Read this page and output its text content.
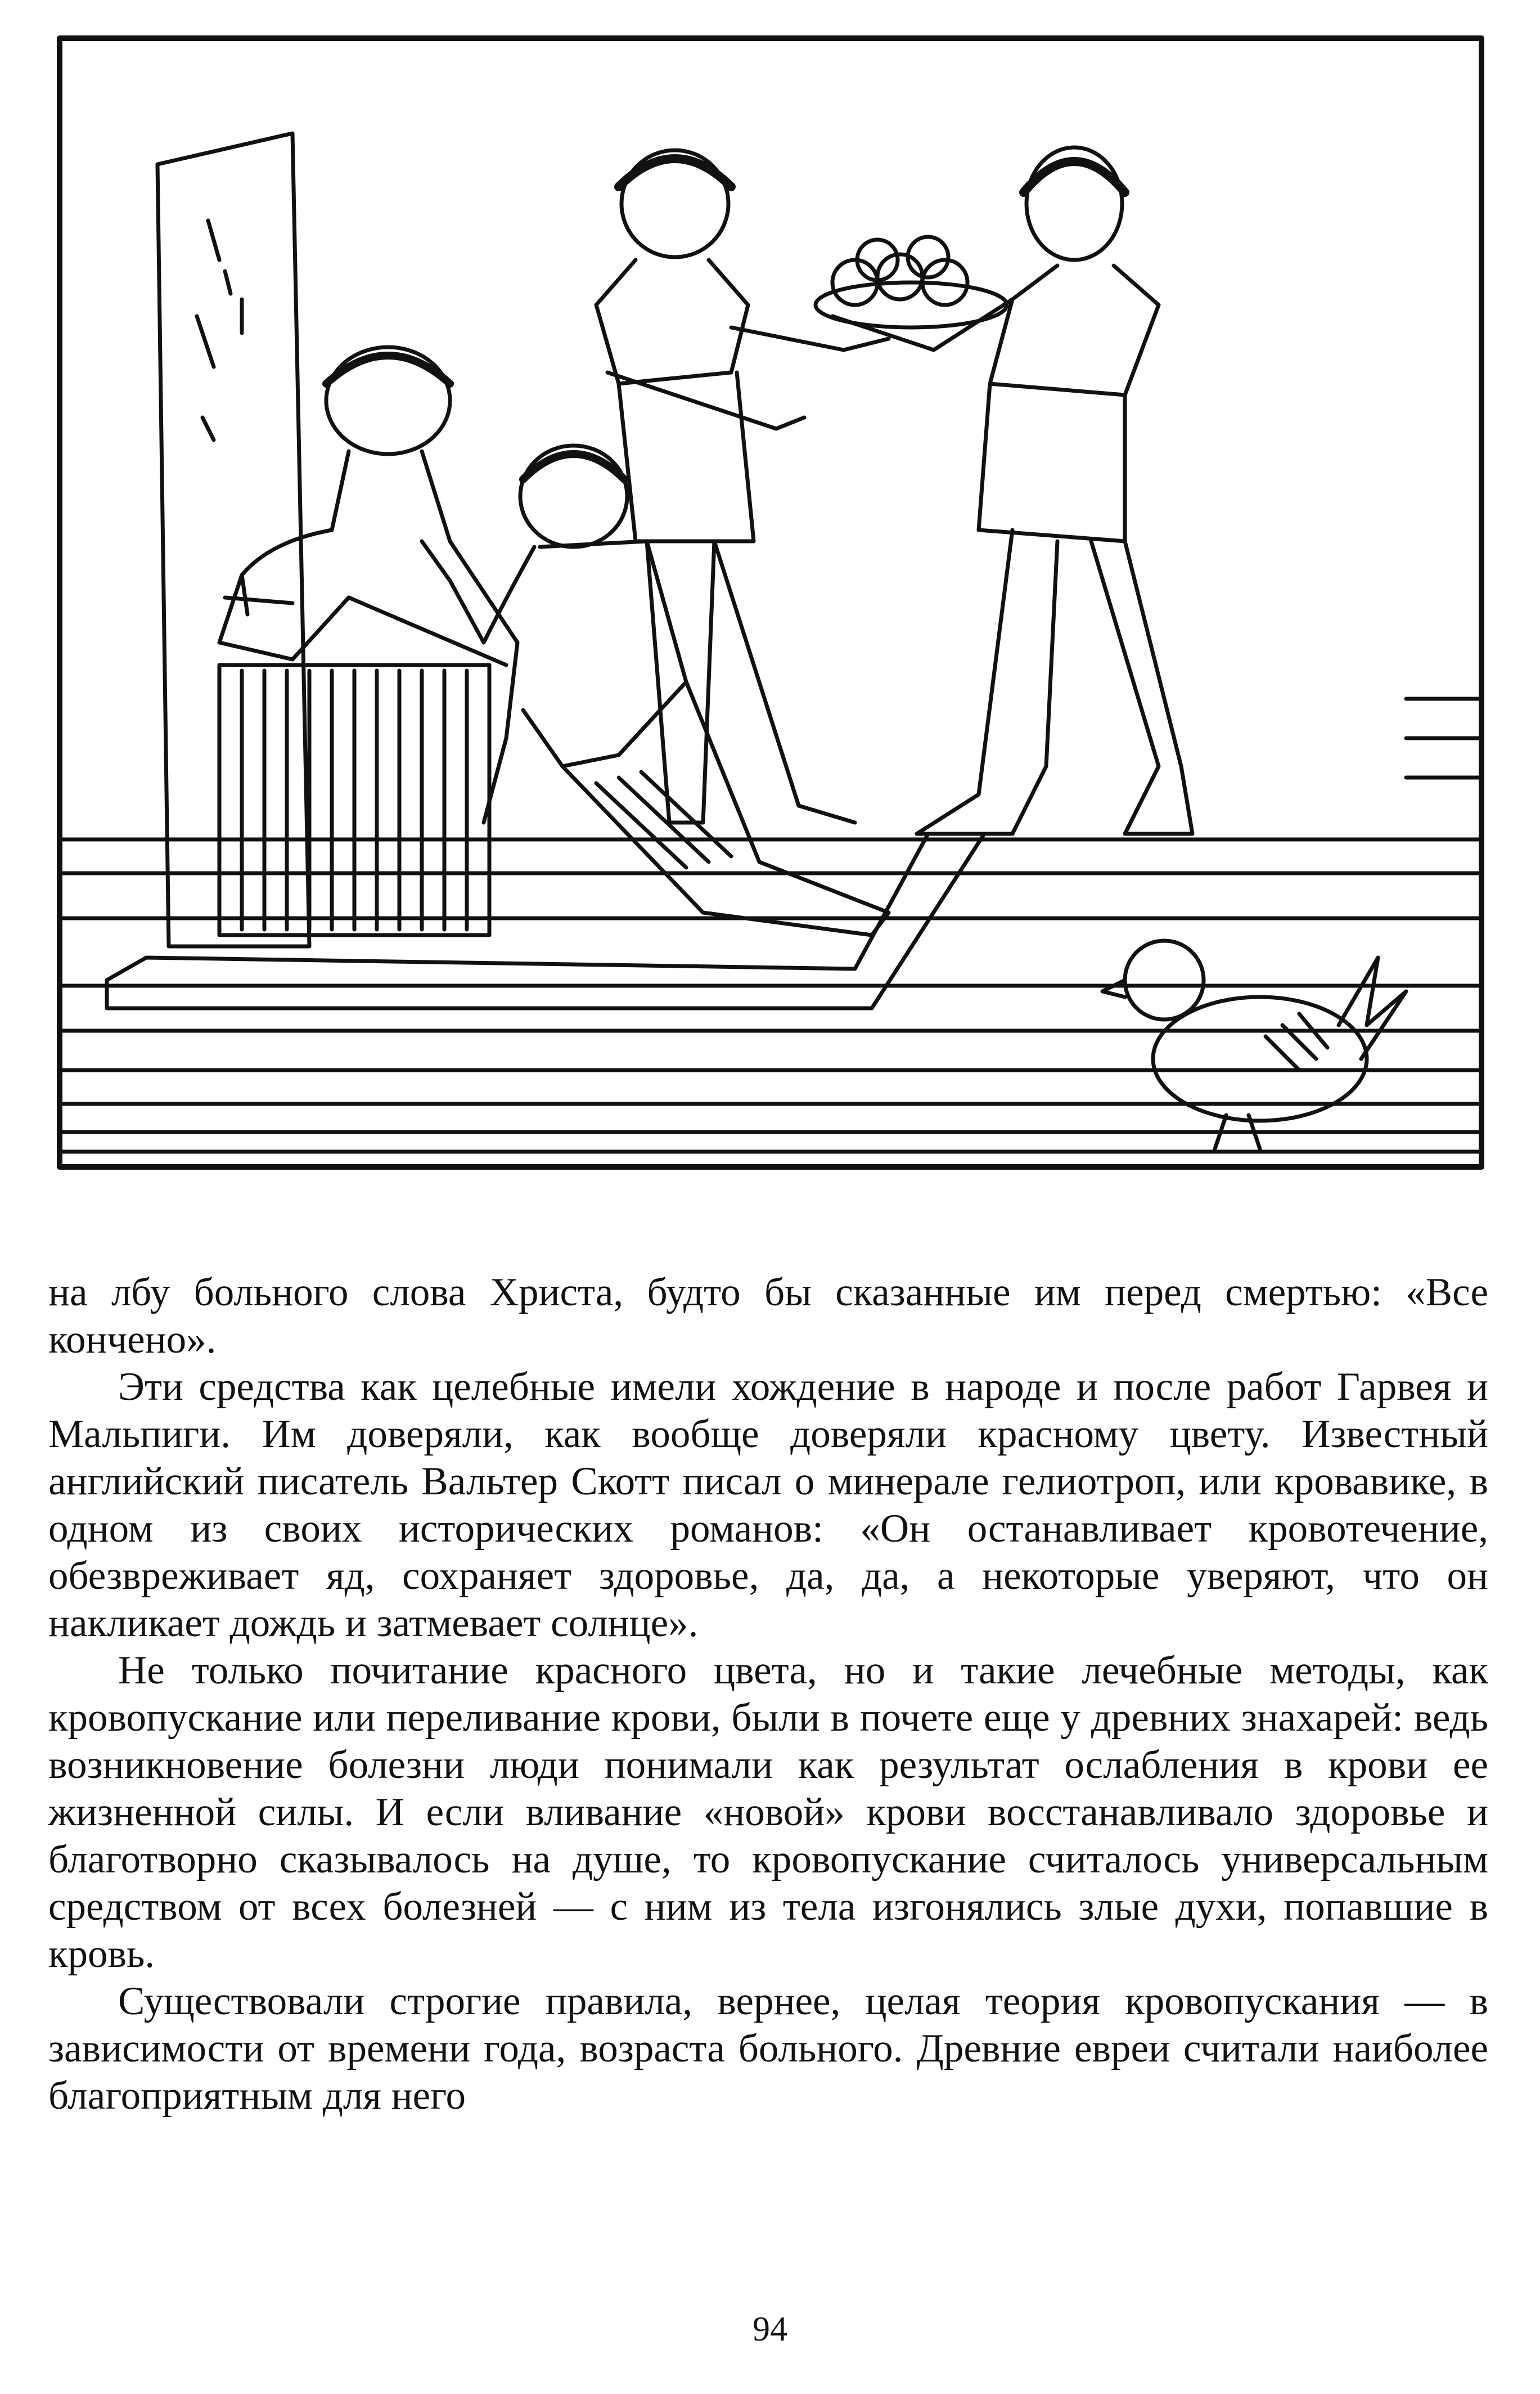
на лбу больного слова Христа, будто бы сказанные им перед смертью: «Все кончено».

Эти средства как целебные имели хождение в народе и после работ Гарвея и Мальпиги. Им доверяли, как вообще доверяли красному цвету. Известный английский писатель Вальтер Скотт писал о минерале гелиотроп, или кровавике, в одном из своих исторических романов: «Он останавливает кровотечение, обезвреживает яд, сохраняет здоровье, да, да, а некоторые уверяют, что он накликает дождь и затмевает солнце».

Не только почитание красного цвета, но и такие лечебные методы, как кровопускание или переливание крови, были в почете еще у древних знахарей: ведь возникновение болезни люди понимали как результат ослабления в крови ее жизненной силы. И если вливание «новой» крови восстанавливало здоровье и благотворно сказывалось на душе, то кровопускание считалось универсальным средством от всех болезней — с ним из тела изгонялись злые духи, попавшие в кровь.

Существовали строгие правила, вернее, целая теория кровопускания — в зависимости от времени года, возраста больного. Древние евреи считали наиболее благоприятным для него

94
